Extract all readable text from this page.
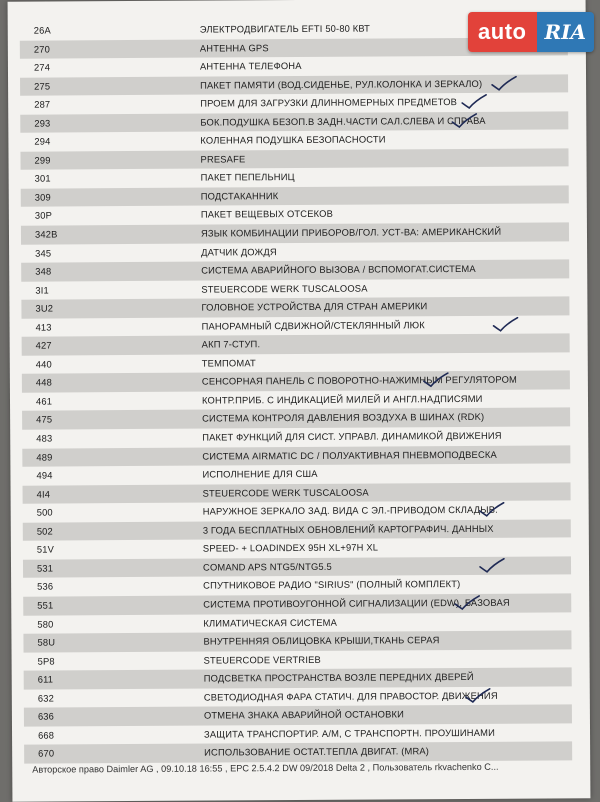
26A	ЭЛЕКТРОДВИГАТЕЛЬ EFTI 50-80 КВТ
270	АНТЕННА GPS
274	АНТЕННА ТЕЛЕФОНА
275	ПАКЕТ ПАМЯТИ (ВОД.СИДЕНЬЕ, РУЛ.КОЛОНКА И ЗЕРКАЛО)
287	ПРОЕМ ДЛЯ ЗАГРУЗКИ ДЛИННОМЕРНЫХ ПРЕДМЕТОВ
293	БОК.ПОДУШКА БЕЗОП.В ЗАДН.ЧАСТИ САЛ.СЛЕВА И СПРАВА
294	КОЛЕННАЯ ПОДУШКА БЕЗОПАСНОСТИ
299	PRESAFE
301	ПАКЕТ ПЕПЕЛЬНИЦ
309	ПОДСТАКАННИК
30P	ПАКЕТ ВЕЩЕВЫХ ОТСЕКОВ
342B	ЯЗЫК КОМБИНАЦИИ ПРИБОРОВ/ГОЛ. УСТ-ВА: АМЕРИКАНСКИЙ
345	ДАТЧИК ДОЖДЯ
348	СИСТЕМА АВАРИЙНОГО ВЫЗОВА / ВСПОМОГАТ.СИСТЕМА
3I1	STEUERCODE WERK TUSCALOOSA
3U2	ГОЛОВНОЕ УСТРОЙСТВА ДЛЯ СТРАН АМЕРИКИ
413	ПАНОРАМНЫЙ СДВИЖНОЙ/СТЕКЛЯННЫЙ ЛЮК
427	АКП 7-СТУП.
440	ТЕМПОМАТ
448	СЕНСОРНАЯ ПАНЕЛЬ С ПОВОРОТНО-НАЖИМНЫМ РЕГУЛЯТОРОМ
461	КОНТР.ПРИБ. С ИНДИКАЦИЕЙ МИЛЕЙ И АНГЛ.НАДПИСЯМИ
475	СИСТЕМА КОНТРОЛЯ ДАВЛЕНИЯ ВОЗДУХА В ШИНАХ (RDK)
483	ПАКЕТ ФУНКЦИЙ ДЛЯ СИСТ. УПРАВЛ. ДИНАМИКОЙ ДВИЖЕНИЯ
489	СИСТЕМА AIRMATIC DC / ПОЛУАКТИВНАЯ ПНЕВМОПОДВЕСКА
494	ИСПОЛНЕНИЕ ДЛЯ США
4I4	STEUERCODE WERK TUSCALOOSA
500	НАРУЖНОЕ ЗЕРКАЛО ЗАД. ВИДА С ЭЛ.-ПРИВОДОМ СКЛАДЫВ.
502	3 ГОДА БЕСПЛАТНЫХ ОБНОВЛЕНИЙ КАРТОГРАФИЧ. ДАННЫХ
51V	SPEED- + LOADINDEX 95H XL+97H XL
531	COMAND APS NTG5/NTG5.5
536	СПУТНИКОВОЕ РАДИО "SIRIUS" (ПОЛНЫЙ КОМПЛЕКТ)
551	СИСТЕМА ПРОТИВОУГОННОЙ СИГНАЛИЗАЦИИ (EDW), БАЗОВАЯ
580	КЛИМАТИЧЕСКАЯ СИСТЕМА
58U	ВНУТРЕННЯЯ ОБЛИЦОВКА КРЫШИ,ТКАНЬ СЕРАЯ
5P8	STEUERCODE VERTRIEB
611	ПОДСВЕТКА ПРОСТРАНСТВА ВОЗЛЕ ПЕРЕДНИХ ДВЕРЕЙ
632	СВЕТОДИОДНАЯ ФАРА СТАТИЧ. ДЛЯ ПРАВОСТОР. ДВИЖЕНИЯ
636	ОТМЕНА ЗНАКА АВАРИЙНОЙ ОСТАНОВКИ
668	ЗАЩИТА ТРАНСПОРТИР. А/М, С ТРАНСПОРТН. ПРОУШИНАМИ
670	ИСПОЛЬЗОВАНИЕ ОСТАТ.ТЕПЛА ДВИГАТ. (MRA)
Авторское право Daimler AG , 09.10.18 16:55 , EPC 2.5.4.2 DW 09/2018 Delta 2 , Пользователь rkvachenko С...
auto RIA
